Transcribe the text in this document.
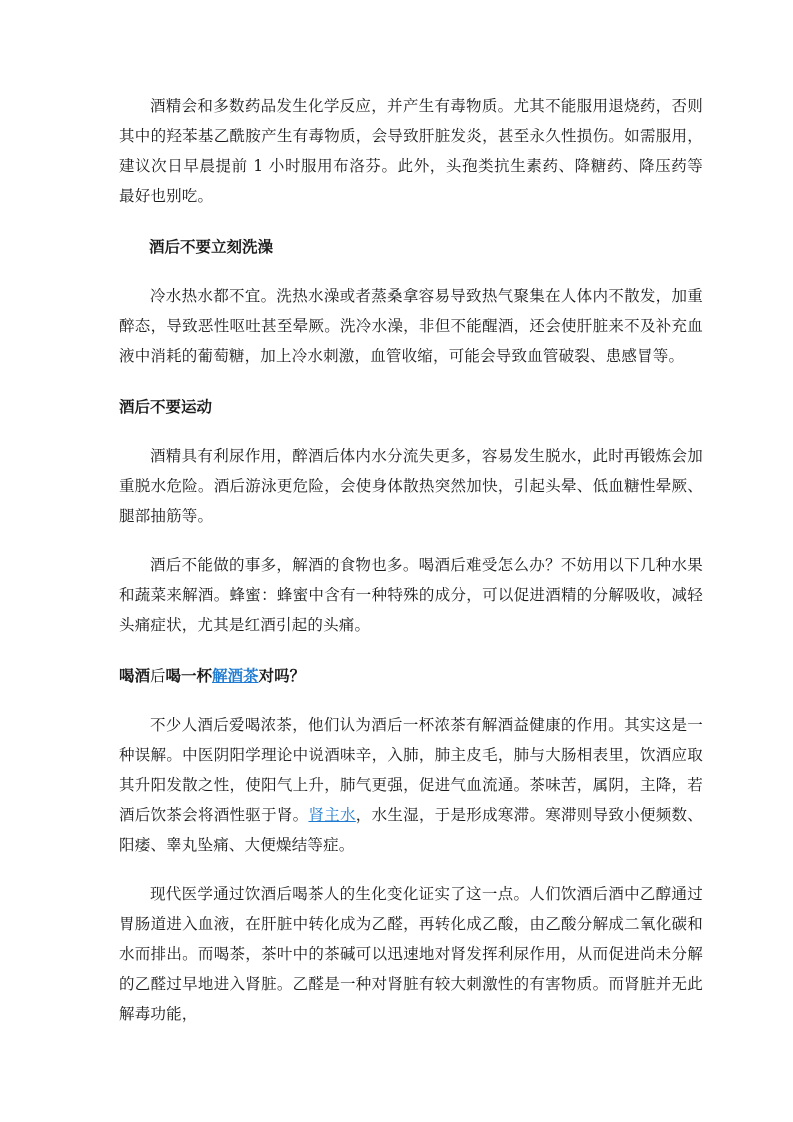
酒精会和多数药品发生化学反应，并产生有毒物质。尤其不能服用退烧药，否则其中的羟苯基乙酰胺产生有毒物质，会导致肝脏发炎，甚至永久性损伤。如需服用，建议次日早晨提前 1 小时服用布洛芬。此外，头孢类抗生素药、降糖药、降压药等最好也别吃。

酒后不要立刻洗澡

冷水热水都不宜。洗热水澡或者蒸桑拿容易导致热气聚集在人体内不散发，加重醉态，导致恶性呕吐甚至晕厥。洗冷水澡，非但不能醒酒，还会使肝脏来不及补充血液中消耗的葡萄糖，加上冷水刺激，血管收缩，可能会导致血管破裂、患感冒等。

酒后不要运动

酒精具有利尿作用，醉酒后体内水分流失更多，容易发生脱水，此时再锻炼会加重脱水危险。酒后游泳更危险，会使身体散热突然加快，引起头晕、低血糖性晕厥、腿部抽筋等。

酒后不能做的事多，解酒的食物也多。喝酒后难受怎么办？不妨用以下几种水果和蔬菜来解酒。蜂蜜：蜂蜜中含有一种特殊的成分，可以促进酒精的分解吸收，减轻头痛症状，尤其是红酒引起的头痛。

喝酒后喝一杯解酒茶对吗？

不少人酒后爱喝浓茶，他们认为酒后一杯浓茶有解酒益健康的作用。其实这是一种误解。中医阴阳学理论中说酒味辛，入肺，肺主皮毛，肺与大肠相表里，饮酒应取其升阳发散之性，使阳气上升，肺气更强，促进气血流通。茶味苦，属阴，主降，若酒后饮茶会将酒性驱于肾。肾主水，水生湿，于是形成寒滞。寒滞则导致小便频数、阳痿、睾丸坠痛、大便燥结等症。

现代医学通过饮酒后喝茶人的生化变化证实了这一点。人们饮酒后酒中乙醇通过胃肠道进入血液，在肝脏中转化成为乙醛，再转化成乙酸，由乙酸分解成二氧化碳和水而排出。而喝茶，茶叶中的茶碱可以迅速地对肾发挥利尿作用，从而促进尚未分解的乙醛过早地进入肾脏。乙醛是一种对肾脏有较大刺激性的有害物质。而肾脏并无此解毒功能，
